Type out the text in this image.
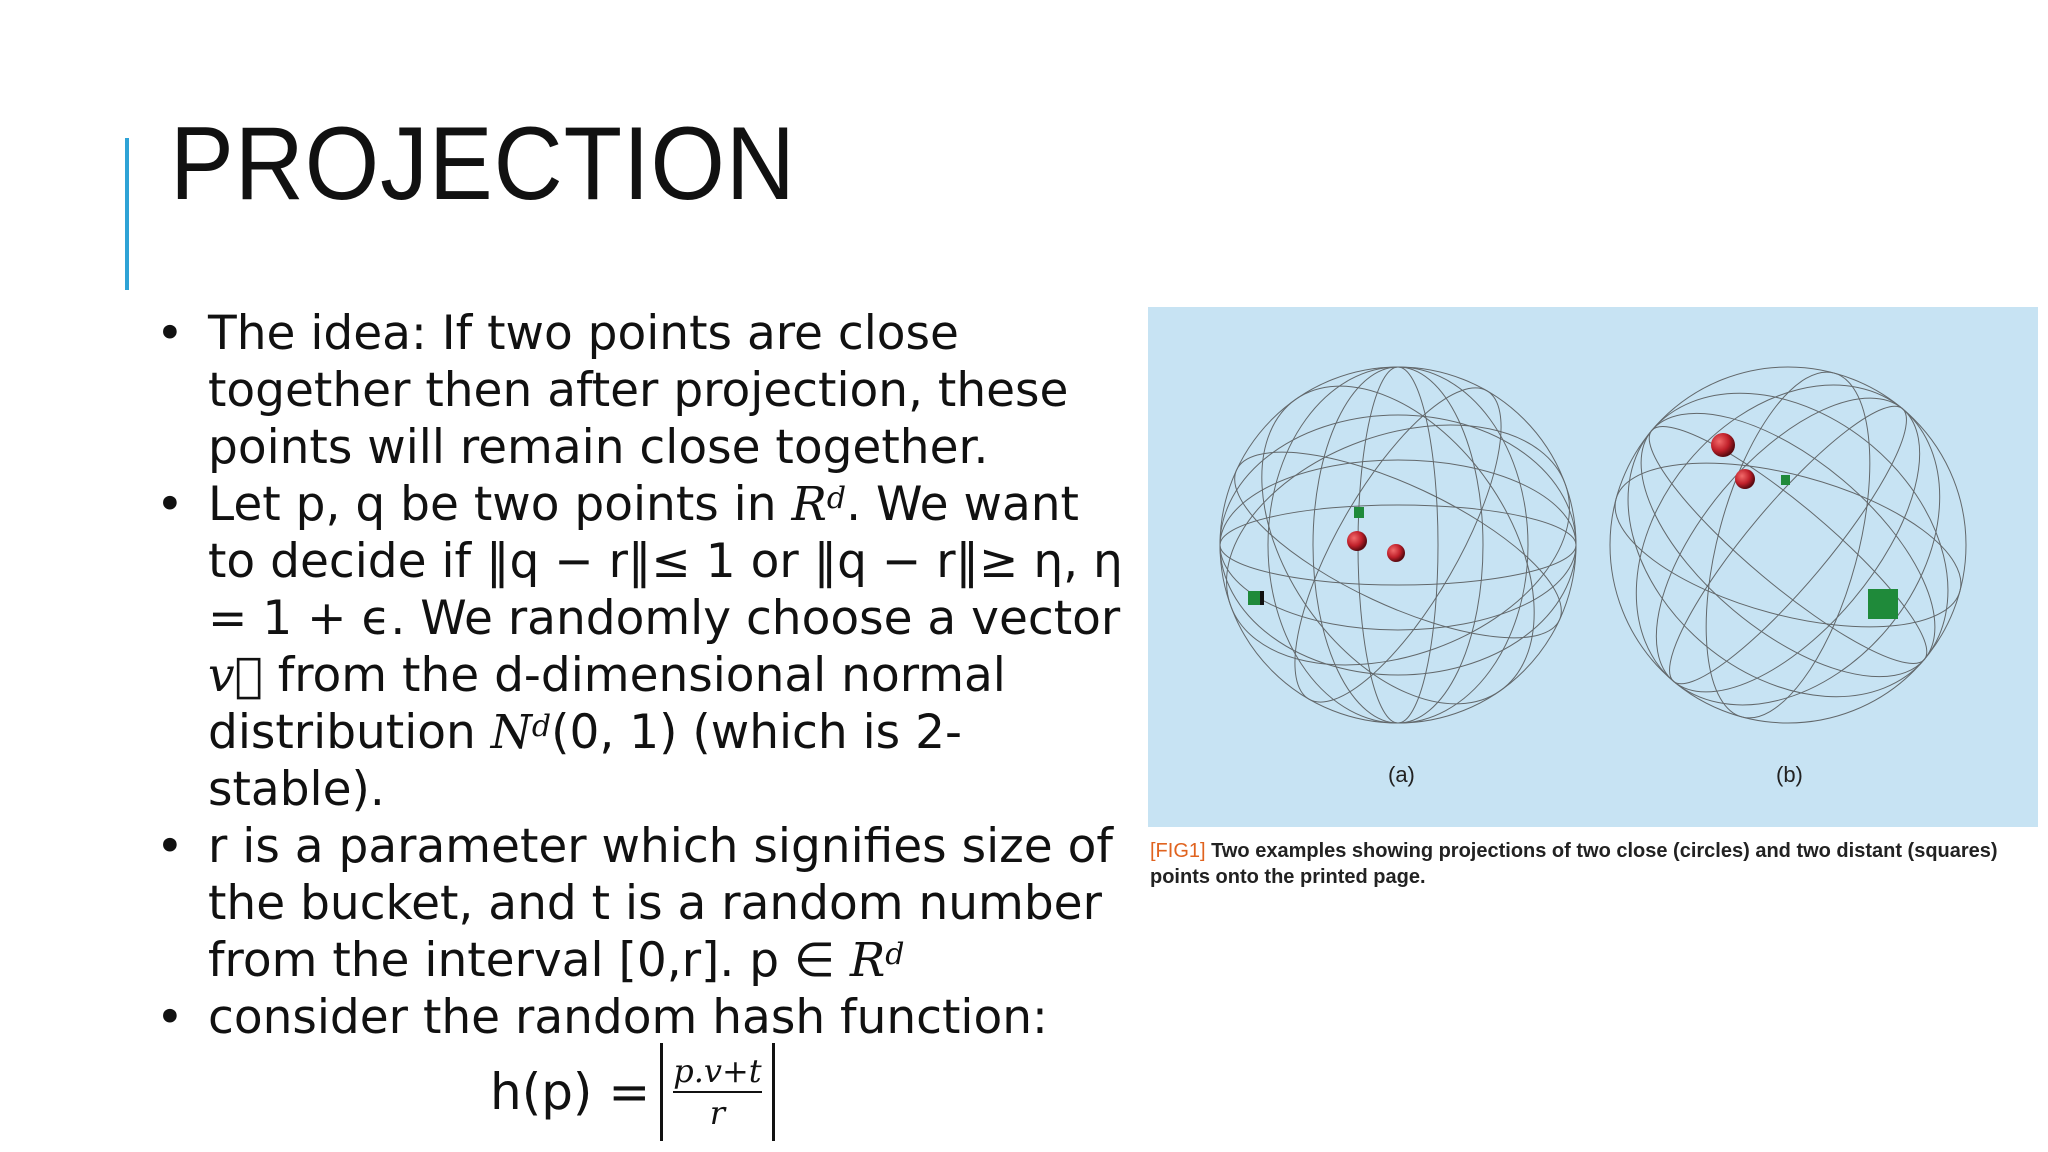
PROJECTION
• The idea: If two points are close together then after projection, these points will remain close together.
• Let p, q be two points in $R^d$. We want to decide if ‖q − r‖≤ 1 or ‖q − r‖≥ η, η = 1 + ϵ. We randomly choose a vector v⃗ from the d-dimensional normal distribution $N^d(0$, 1) (which is 2-stable).
• r is a parameter which signifies size of the bucket, and t is a random number from the interval [0,r]. p ∈ $R^d$
• consider the random hash function:
$h(p) = \frac{p.v+t}{r}$
(a)	(b)
[FIG1] Two examples showing projections of two close (circles) and two distant (squares) points onto the printed page.
